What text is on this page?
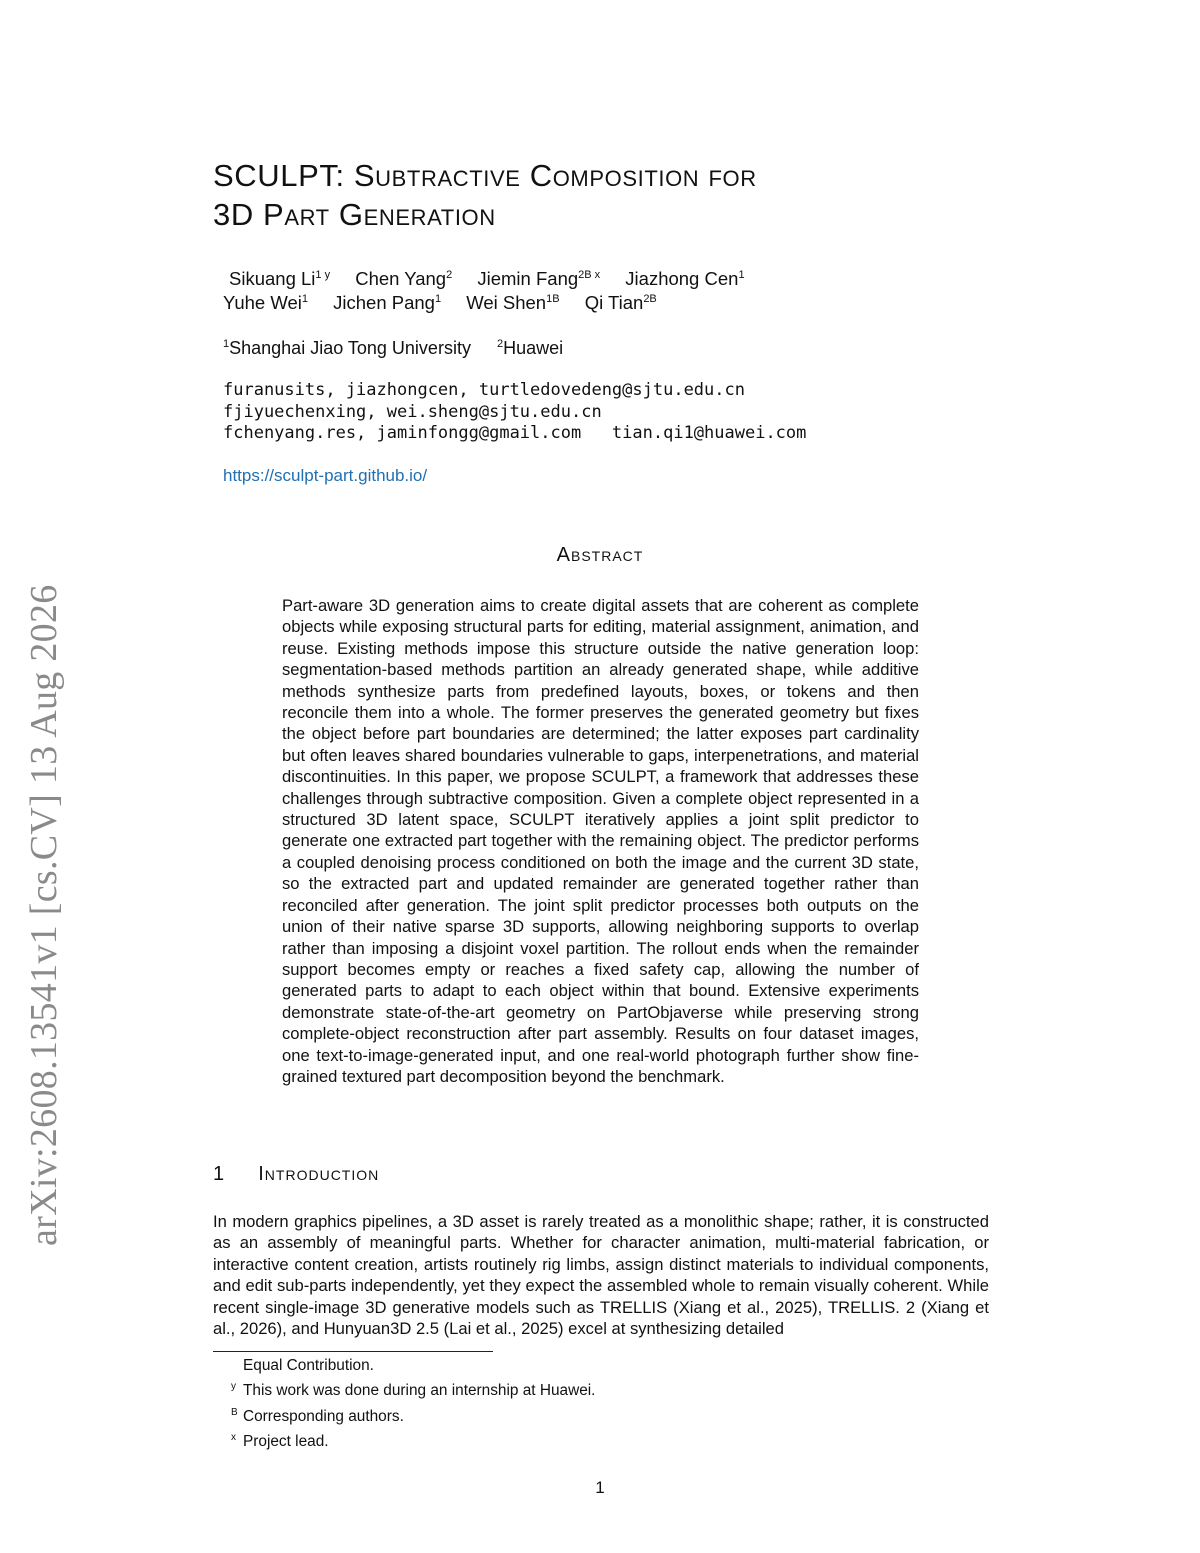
arXiv:2608.13541v1 [cs.CV] 13 Aug 2026
SCULPT: Subtractive Composition for
3D Part Generation
Sikuang $Li^{1 y}$ Chen Yang$^2$ Jiemin Fang$^{2B x}$ Jiazhong Cen$^1$
Yuhe Wei$^1$ Jichen Pang$^1$ Wei Shen$^{1B}$ Qi Tian$^{2B}$
$^1$Shanghai Jiao Tong University $^2$Huawei
furanusits, jiazhongcen, turtledovedeng@sjtu.edu.cn
fjiyuechenxing, wei.sheng@sjtu.edu.cn
fchenyang.res, jaminfongg@gmail.com   tian.qi1@huawei.com
https://sculpt-part.github.io/
Abstract
Part-aware 3D generation aims to create digital assets that are coherent as complete objects while exposing structural parts for editing, material assignment, animation, and reuse. Existing methods impose this structure outside the native generation loop: segmentation-based methods partition an already generated shape, while additive methods synthesize parts from predefined layouts, boxes, or tokens and then reconcile them into a whole. The former preserves the generated geometry but fixes the object before part boundaries are determined; the latter exposes part cardinality but often leaves shared boundaries vulnerable to gaps, interpenetrations, and material discontinuities. In this paper, we propose SCULPT, a framework that addresses these challenges through subtractive composition. Given a complete object represented in a structured 3D latent space, SCULPT iteratively applies a joint split predictor to generate one extracted part together with the remaining object. The predictor performs a coupled denoising process conditioned on both the image and the current 3D state, so the extracted part and updated remainder are generated together rather than reconciled after generation. The joint split predictor processes both outputs on the union of their native sparse 3D supports, allowing neighboring supports to overlap rather than imposing a disjoint voxel partition. The rollout ends when the remainder support becomes empty or reaches a fixed safety cap, allowing the number of generated parts to adapt to each object within that bound. Extensive experiments demonstrate state-of-the-art geometry on PartObjaverse while preserving strong complete-object reconstruction after part assembly. Results on four dataset images, one text-to-image-generated input, and one real-world photograph further show fine-grained textured part decomposition beyond the benchmark.
1 Introduction
In modern graphics pipelines, a 3D asset is rarely treated as a monolithic shape; rather, it is constructed as an assembly of meaningful parts. Whether for character animation, multi-material fabrication, or interactive content creation, artists routinely rig limbs, assign distinct materials to individual components, and edit sub-parts independently, yet they expect the assembled whole to remain visually coherent. While recent single-image 3D generative models such as TRELLIS (Xiang et al., 2025), TRELLIS. 2 (Xiang et al., 2026), and Hunyuan3D 2.5 (Lai et al., 2025) excel at synthesizing detailed
Equal Contribution.
y This work was done during an internship at Huawei.
B Corresponding authors.
x Project lead.
1
